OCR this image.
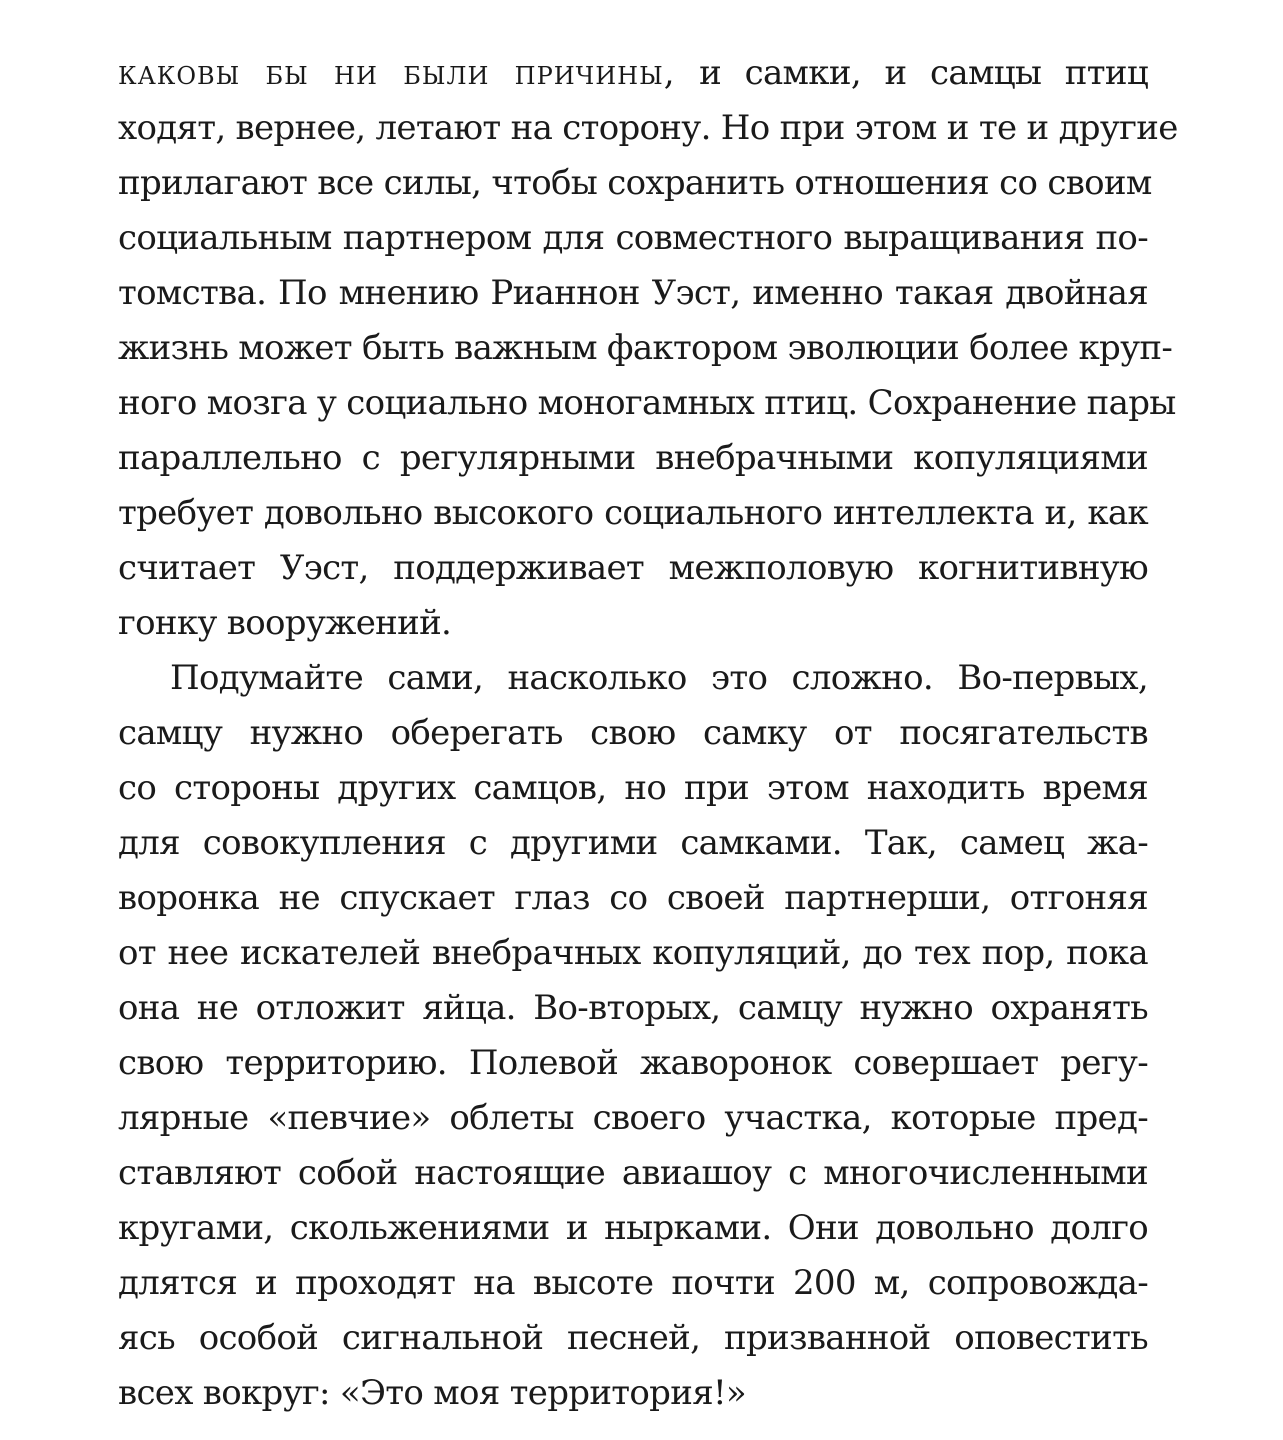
каковы бы ни были причины, и самки, и самцы птиц
ходят, вернее, летают на сторону. Но при этом и те и другие
прилагают все силы, чтобы сохранить отношения со своим
социальным партнером для совместного выращивания по-
томства. По мнению Рианнон Уэст, именно такая двойная
жизнь может быть важным фактором эволюции более круп-
ного мозга у социально моногамных птиц. Сохранение пары
параллельно с регулярными внебрачными копуляциями
требует довольно высокого социального интеллекта и, как
считает Уэст, поддерживает межполовую когнитивную
гонку вооружений.
Подумайте сами, насколько это сложно. Во-первых,
самцу нужно оберегать свою самку от посягательств
со стороны других самцов, но при этом находить время
для совокупления с другими самками. Так, самец жа-
воронка не спускает глаз со своей партнерши, отгоняя
от нее искателей внебрачных копуляций, до тех пор, пока
она не отложит яйца. Во-вторых, самцу нужно охранять
свою территорию. Полевой жаворонок совершает регу-
лярные «певчие» облеты своего участка, которые пред-
ставляют собой настоящие авиашоу с многочисленными
кругами, скольжениями и нырками. Они довольно долго
длятся и проходят на высоте почти 200 м, сопровожда-
ясь особой сигнальной песней, призванной оповестить
всех вокруг: «Это моя территория!»
